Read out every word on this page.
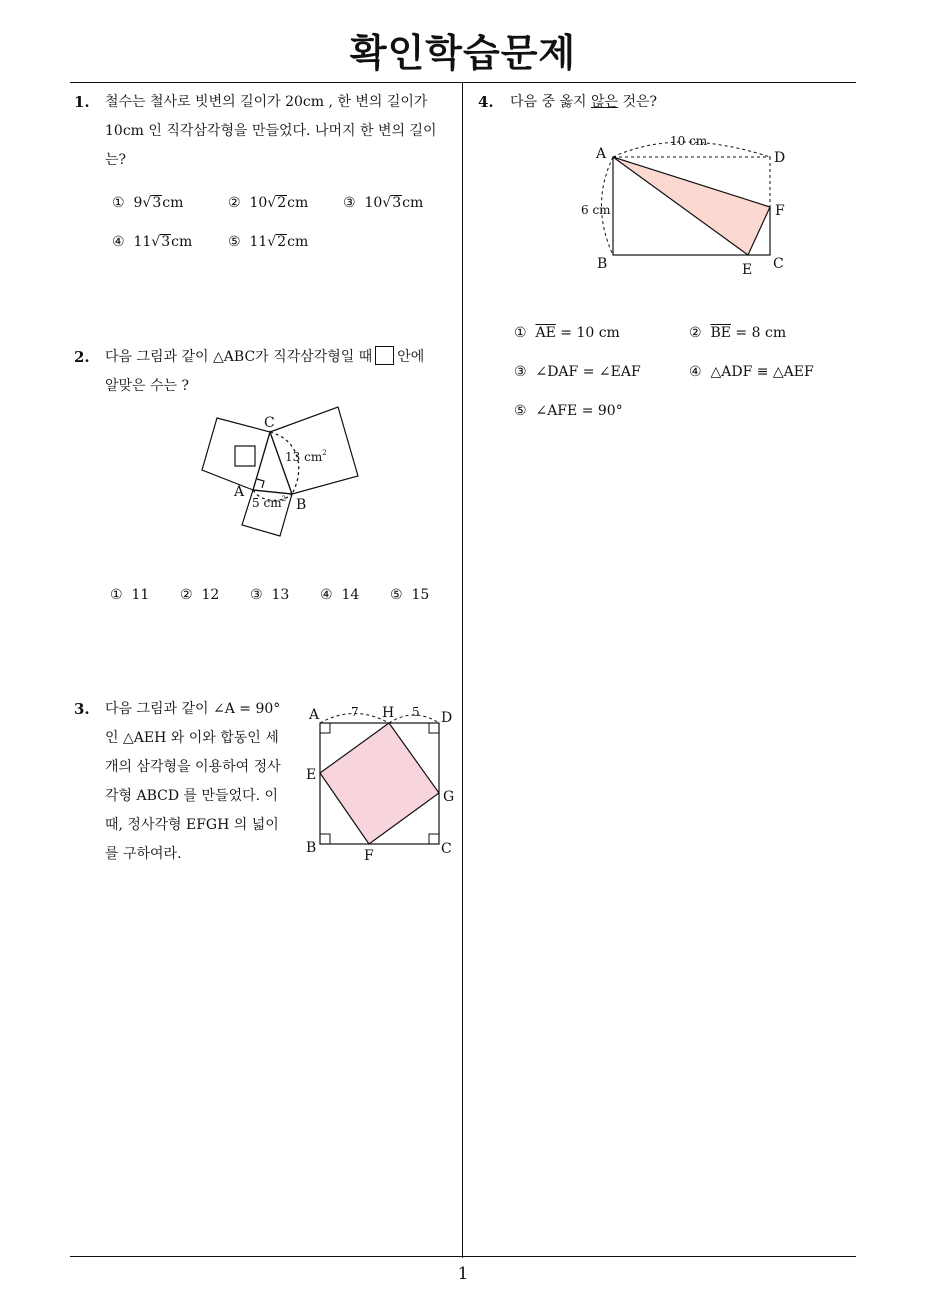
확인학습문제
1. 철수는 철사로 빗변의 길이가 20cm , 한 변의 길이가
10cm 인 직각삼각형을 만들었다. 나머지 한 변의 길이
는?
① 9√3cm	② 10√2cm ③ 10√3cm
④ 11√3cm	⑤ 11√2cm
2. 다음 그림과 같이 △ABC가 직각삼각형일 때 안에
알맞은 수는 ?
C
A
B
13 $cm^2$
5 $cm^2$
① 11 ② 12 ③ 13 ④ 14 ⑤ 15
3. 다음 그림과 같이 ∠A = 90°
인 △AEH 와 이와 합동인 세
개의 삼각형을 이용하여 정사
각형 ABCD 를 만들었다. 이
때, 정사각형 EFGH 의 넓이
를 구하여라.
A	H	D
E
G
B	F	C
7	5
4. 다음 중 옳지 않은 것은?
A	D
F
B	E C
10 cm
6 cm
① $\overline{AE} = 10$ cm	② $\overline{BE} = 8$ cm
③ ∠DAF = ∠EAF	④ △ADF ≡ △AEF
⑤ ∠AFE = 90°
1
